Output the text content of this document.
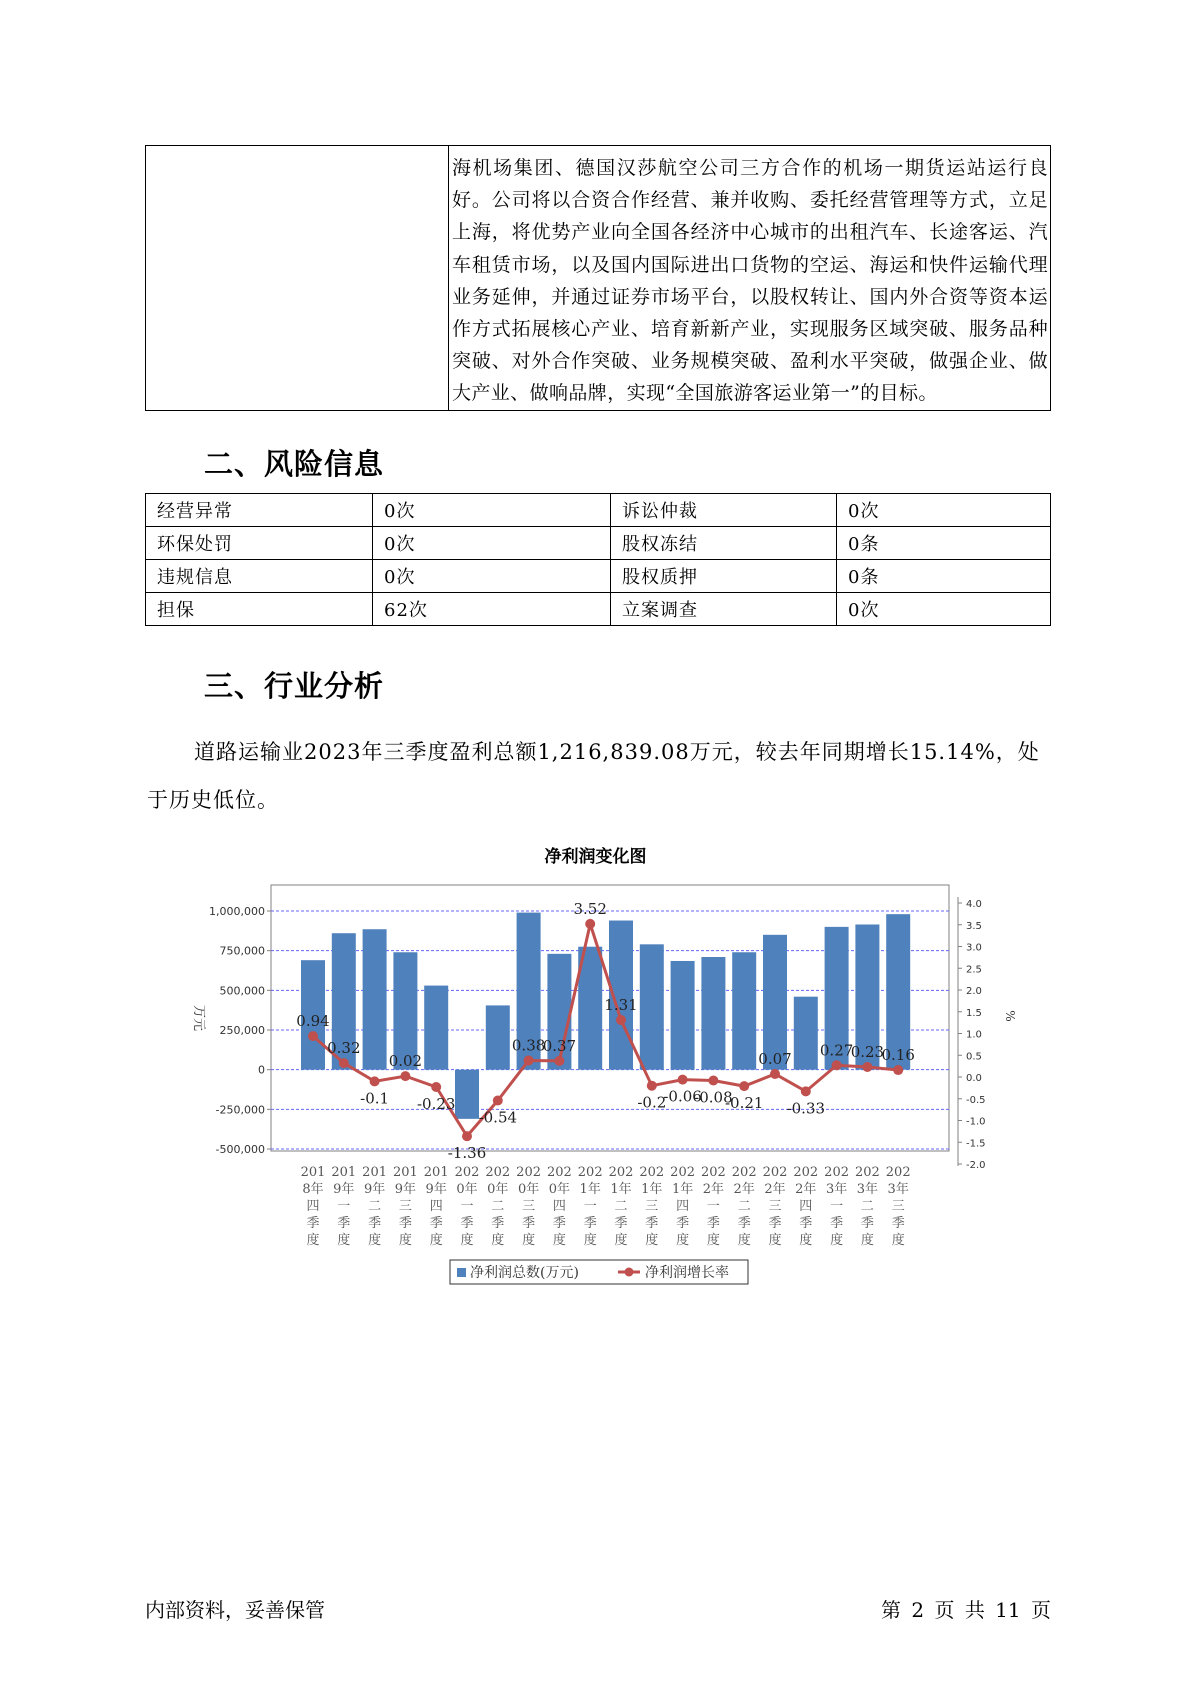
海机场集团、德国汉莎航空公司三方合作的机场一期货运站运行良好。公司将以合资合作经营、兼并收购、委托经营管理等方式，立足上海，将优势产业向全国各经济中心城市的出租汽车、长途客运、汽车租赁市场，以及国内国际进出口货物的空运、海运和快件运输代理业务延伸，并通过证券市场平台，以股权转让、国内外合资等资本运作方式拓展核心产业、培育新新产业，实现服务区域突破、服务品种突破、对外合作突破、业务规模突破、盈利水平突破，做强企业、做大产业、做响品牌，实现“全国旅游客运业第一”的目标。
二、风险信息
经营异常	0次	诉讼仲裁	0次
环保处罚	0次	股权冻结	0条
违规信息	0次	股权质押	0条
担保	62次	立案调查	0次
三、行业分析

道路运输业2023年三季度盈利总额1,216,839.08万元，较去年同期增长15.14%，处于历史低位。

净利润变化图
1,000,000
750,000
500,000
250,000
0
-250,000
-500,000
4.0
3.5
3.0
2.5
2.0
1.5
1.0
0.5
0.0
-0.5
-1.0
-1.5
-2.0
万元	%
0.94
0.32
-0.1
0.02
-0.23
-1.36
-0.54
0.38
0.37
3.52
1.31
-0.2
-0.06
-0.08
-0.21
0.07
-0.33
0.27
0.23
0.16
201
8年
四
季
度
201
9年
一
季
度
201
9年
二
季
度
201
9年
三
季
度
201
9年
四
季
度
202
0年
一
季
度
202
0年
二
季
度
202
0年
三
季
度
202
0年
四
季
度
202
1年
一
季
度
202
1年
二
季
度
202
1年
三
季
度
202
1年
四
季
度
202
2年
一
季
度
202
2年
二
季
度
202
2年
三
季
度
202
2年
四
季
度
202
3年
一
季
度
202
3年
二
季
度
202
3年
三
季
度
净利润总数(万元)	净利润增长率
内部资料，妥善保管	第 2 页 共 11 页
